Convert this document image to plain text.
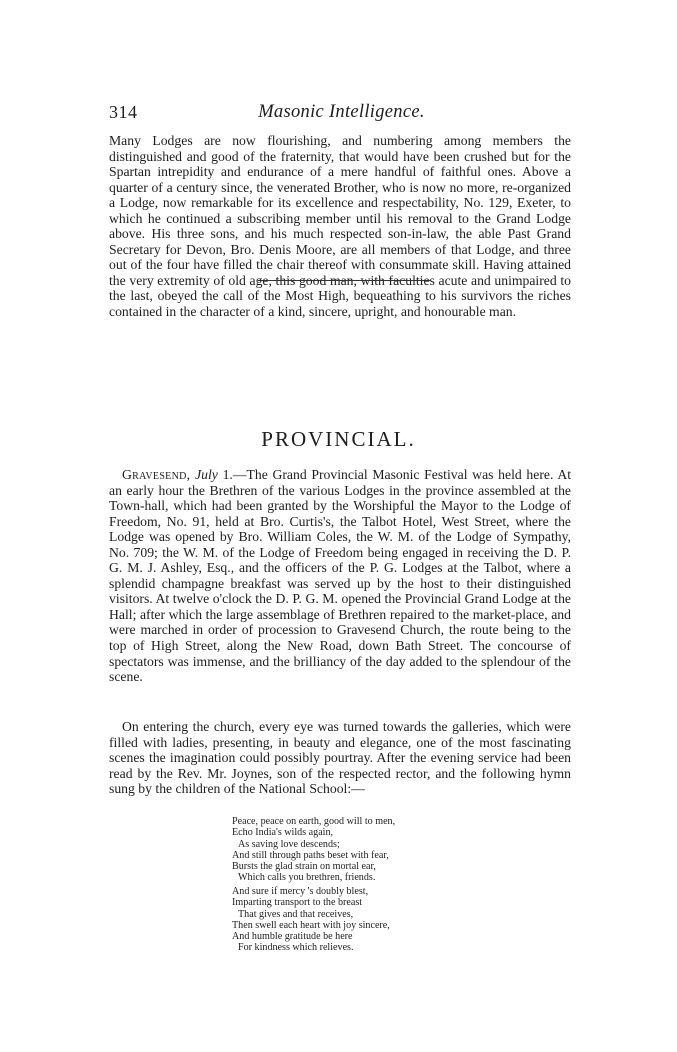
314	Masonic Intelligence.

Many Lodges are now flourishing, and numbering among members the distinguished and good of the fraternity, that would have been crushed but for the Spartan intrepidity and endurance of a mere handful of faithful ones. Above a quarter of a century since, the venerated Brother, who is now no more, re-organized a Lodge, now remarkable for its excellence and respectability, No. 129, Exeter, to which he continued a subscribing member until his removal to the Grand Lodge above. His three sons, and his much respected son-in-law, the able Past Grand Secretary for Devon, Bro. Denis Moore, are all members of that Lodge, and three out of the four have filled the chair thereof with consummate skill. Having attained the very extremity of old age, this good man, with faculties acute and unimpaired to the last, obeyed the call of the Most High, bequeathing to his survivors the riches contained in the character of a kind, sincere, upright, and honourable man.

PROVINCIAL.

Gravesend, July 1.—The Grand Provincial Masonic Festival was held here. At an early hour the Brethren of the various Lodges in the province assembled at the Town-hall, which had been granted by the Worshipful the Mayor to the Lodge of Freedom, No. 91, held at Bro. Curtis's, the Talbot Hotel, West Street, where the Lodge was opened by Bro. William Coles, the W. M. of the Lodge of Sympathy, No. 709; the W. M. of the Lodge of Freedom being engaged in receiving the D. P. G. M. J. Ashley, Esq., and the officers of the P. G. Lodges at the Talbot, where a splendid champagne breakfast was served up by the host to their distinguished visitors. At twelve o'clock the D. P. G. M. opened the Provincial Grand Lodge at the Hall; after which the large assemblage of Brethren repaired to the market-place, and were marched in order of procession to Gravesend Church, the route being to the top of High Street, along the New Road, down Bath Street. The concourse of spectators was immense, and the brilliancy of the day added to the splendour of the scene.

On entering the church, every eye was turned towards the galleries, which were filled with ladies, presenting, in beauty and elegance, one of the most fascinating scenes the imagination could possibly pourtray. After the evening service had been read by the Rev. Mr. Joynes, son of the respected rector, and the following hymn sung by the children of the National School:—

Peace, peace on earth, good will to men,
Echo India's wilds again,
As saving love descends;
And still through paths beset with fear,
Bursts the glad strain on mortal ear,
Which calls you brethren, friends.
And sure if mercy 's doubly blest,
Imparting transport to the breast
That gives and that receives,
Then swell each heart with joy sincere,
And humble gratitude be here
For kindness which relieves.
